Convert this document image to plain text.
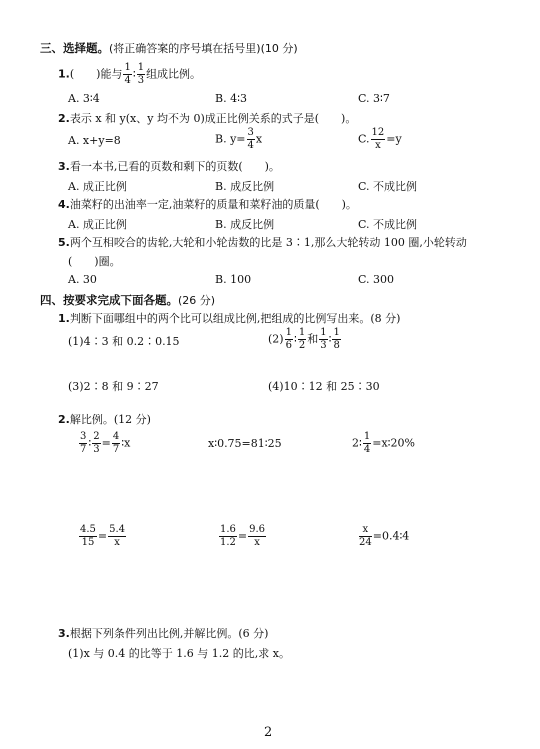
三、选择题。(将正确答案的序号填在括号里)(10 分)
1.(　　)能与 $\frac{1}{4}$ ∶ $\frac{1}{3}$ 组成比例。
A. 3∶4	B. 4∶3	C. 3∶7
2.表示 x 和 y(x、y 均不为 0)成正比例关系的式子是(　　)。
A. x+y=8	B. $y= \frac{3}{4}$ x	C. $\frac{12}{x} =y$
3.看一本书,已看的页数和剩下的页数(　　)。
A. 成正比例	B. 成反比例	C. 不成比例
4.油菜籽的出油率一定,油菜籽的质量和菜籽油的质量(　　)。
A. 成正比例	B. 成反比例	C. 不成比例
5.两个互相咬合的齿轮,大轮和小轮齿数的比是 3∶1,那么大轮转动 100 圈,小轮转动
(　　)圈。
A. 30	B. 100	C. 300
四、按要求完成下面各题。(26 分)
1.判断下面哪组中的两个比可以组成比例,把组成的比例写出来。(8 分)
(1)4∶3 和 0.2∶0.15	$(2) \frac{1}{6}$ ∶ $\frac{1}{2}$ 和 $\frac{1}{3}$ ∶ $\frac{1}{8}$
(3)2∶8 和 9∶27	(4)10∶12 和 25∶30
2.解比例。(12 分)
$\frac{3}{7}$ ∶ $\frac{2}{3} = \frac{4}{7}$ ∶x	x∶0.75=81∶25	2∶ $\frac{1}{4}$ =x∶20%
$\frac{4.5}{15} = \frac{5.4}{x}$	$\frac{1.6}{1.2} = \frac{9.6}{x}$	$\frac{x}{24}$ =0.4∶4
3.根据下列条件列出比例,并解比例。(6 分)
(1)x 与 0.4 的比等于 1.6 与 1.2 的比,求 x。
2
